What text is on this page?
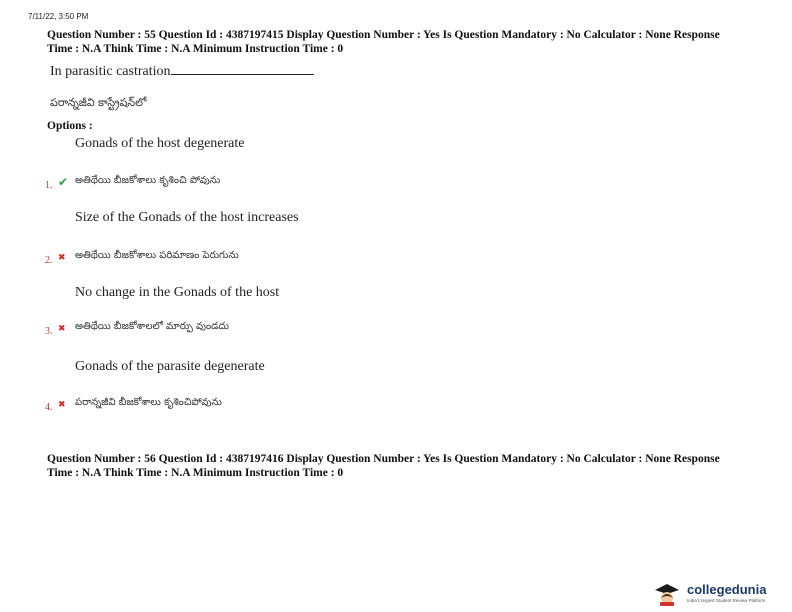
7/11/22, 3:50 PM

Question Number : 55 Question Id : 4387197415 Display Question Number : Yes Is Question Mandatory : No Calculator : None Response

Time : N.A Think Time : N.A Minimum Instruction Time : 0

In parasitic castration
పరాన్నజీవి కాస్ట్రేషన్‌లో
Options :
Gonads of the host degenerate
1. ✔ అతిథేయి బీజకోశాలు కృశించి పోవును
Size of the Gonads of the host increases
2. ✖ అతిథేయి బీజకోశాలు పరిమాణం పెరుగును
No change in the Gonads of the host
3. ✖ అతిథేయి బీజకోశాలలో మార్పు వుండదు
Gonads of the parasite degenerate
4. ✖ పరాన్నజీవి బీజకోశాలు కృశించిపోవును

Question Number : 56 Question Id : 4387197416 Display Question Number : Yes Is Question Mandatory : No Calculator : None Response

Time : N.A Think Time : N.A Minimum Instruction Time : 0

collegedunia
India's largest Student Review Platform
